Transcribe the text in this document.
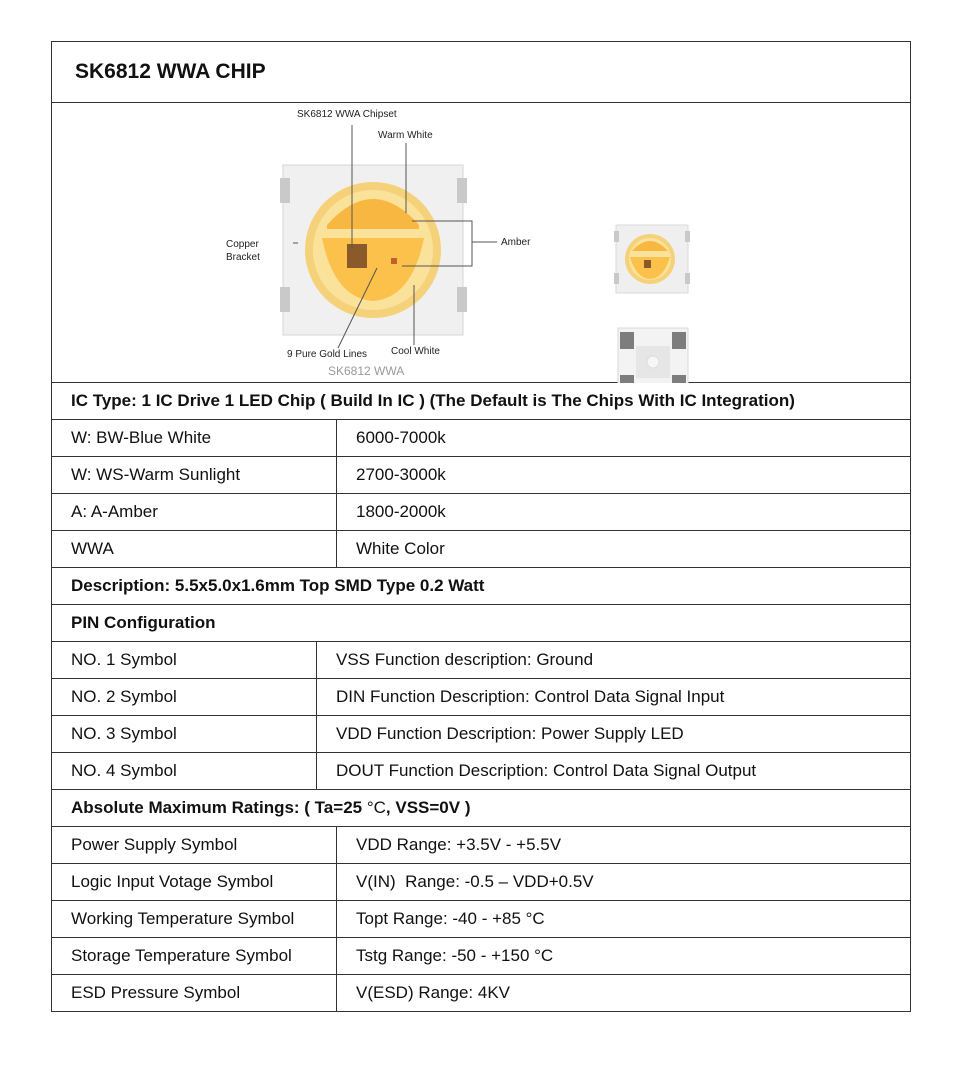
SK6812 WWA CHIP
SK6812 WWA Chipset
Warm White
Copper
Bracket
Amber
9 Pure Gold Lines Cool White
SK6812 WWA
IC Type: 1 IC Drive 1 LED Chip ( Build In IC ) (The Default is The Chips With IC Integration)
W: BW-Blue White	6000-7000k
W: WS-Warm Sunlight	2700-3000k
A: A-Amber	1800-2000k
WWA	White Color
Description: 5.5x5.0x1.6mm Top SMD Type 0.2 Watt
PIN Configuration
NO. 1 Symbol	VSS Function description: Ground
NO. 2 Symbol	DIN Function Description: Control Data Signal Input
NO. 3 Symbol	VDD Function Description: Power Supply LED
NO. 4 Symbol	DOUT Function Description: Control Data Signal Output
Absolute Maximum Ratings: ( Ta=25 °C , VSS=0V )
Power Supply Symbol	VDD Range: +3.5V - +5.5V
Logic Input Votage Symbol	V(IN)  Range: -0.5 – VDD+0.5V
Working Temperature Symbol	Topt Range: -40 - +85 °C
Storage Temperature Symbol	Tstg Range: -50 - +150 °C
ESD Pressure Symbol	V(ESD) Range: 4KV
